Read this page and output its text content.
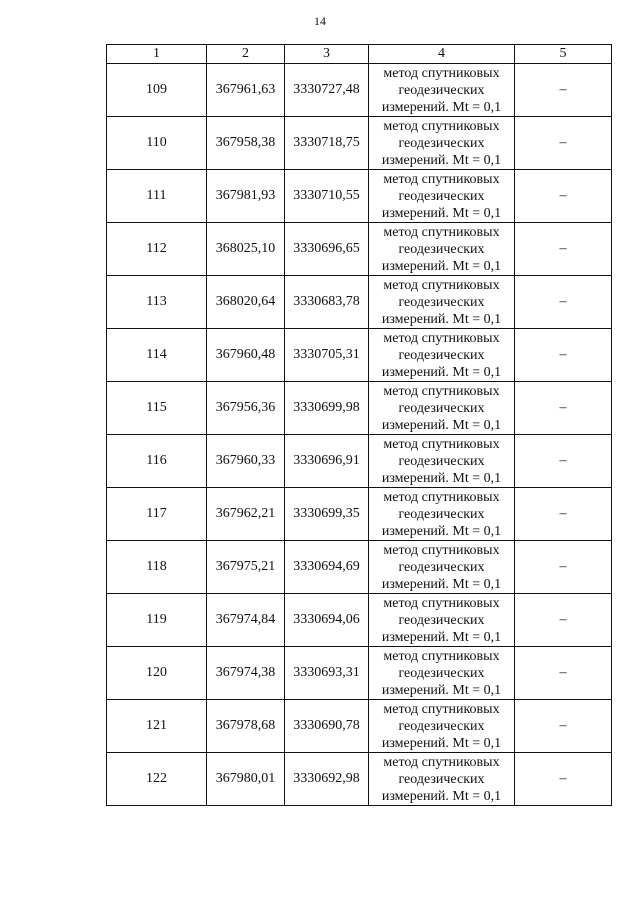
14
1	2	3	4	5
109	367961,63	3330727,48	метод спутниковых
геодезических
измерений. Mt = 0,1	–
110	367958,38	3330718,75	метод спутниковых
геодезических
измерений. Mt = 0,1	–
111	367981,93	3330710,55	метод спутниковых
геодезических
измерений. Mt = 0,1	–
112	368025,10	3330696,65	метод спутниковых
геодезических
измерений. Mt = 0,1	–
113	368020,64	3330683,78	метод спутниковых
геодезических
измерений. Mt = 0,1	–
114	367960,48	3330705,31	метод спутниковых
геодезических
измерений. Mt = 0,1	–
115	367956,36	3330699,98	метод спутниковых
геодезических
измерений. Mt = 0,1	–
116	367960,33	3330696,91	метод спутниковых
геодезических
измерений. Mt = 0,1	–
117	367962,21	3330699,35	метод спутниковых
геодезических
измерений. Mt = 0,1	–
118	367975,21	3330694,69	метод спутниковых
геодезических
измерений. Mt = 0,1	–
119	367974,84	3330694,06	метод спутниковых
геодезических
измерений. Mt = 0,1	–
120	367974,38	3330693,31	метод спутниковых
геодезических
измерений. Mt = 0,1	–
121	367978,68	3330690,78	метод спутниковых
геодезических
измерений. Mt = 0,1	–
122	367980,01	3330692,98	метод спутниковых
геодезических
измерений. Mt = 0,1	–
